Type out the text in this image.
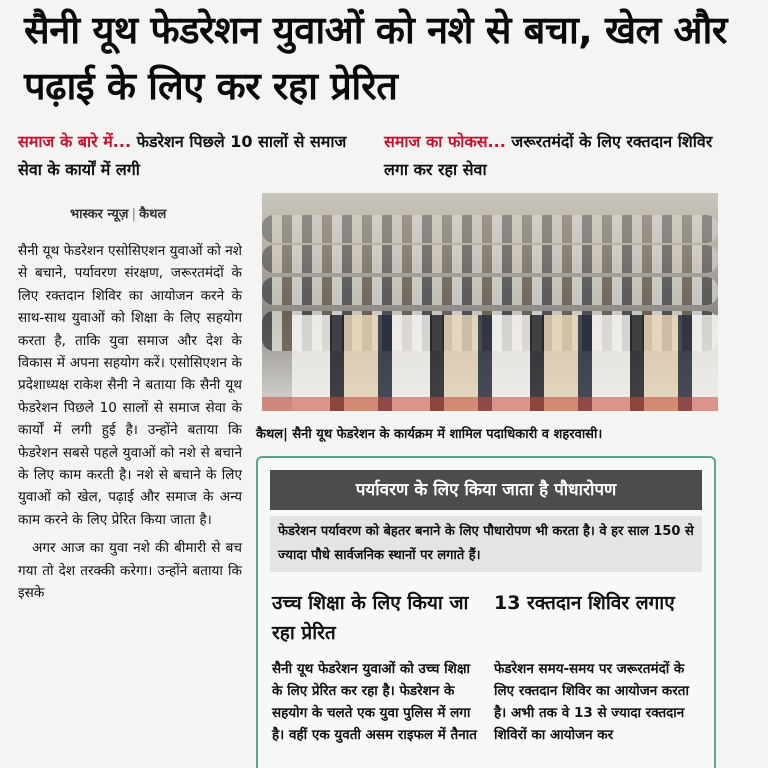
सैनी यूथ फेडरेशन युवाओं को नशे से बचा, खेल और पढ़ाई के लिए कर रहा प्रेरित
समाज के बारे में... फेडरेशन पिछले 10 सालों से समाज सेवा के कार्यों में लगी
समाज का फोकस... जरूरतमंदों के लिए रक्तदान शिविर लगा कर रहा सेवा
भास्कर न्यूज़ | कैथल
कैथल| सैनी यूथ फेडरेशन के कार्यक्रम में शामिल पदाधिकारी व शहरवासी।

सैनी यूथ फेडरेशन एसोसिएशन युवाओं को नशे से बचाने, पर्यावरण संरक्षण, जरूरतमंदों के लिए रक्तदान शिविर का आयोजन करने के साथ-साथ युवाओं को शिक्षा के लिए सहयोग करता है, ताकि युवा समाज और देश के विकास में अपना सहयोग करें। एसोसिएशन के प्रदेशाध्यक्ष राकेश सैनी ने बताया कि सैनी यूथ फेडरेशन पिछले 10 सालों से समाज सेवा के कार्यों में लगी हुई है। उन्होंने बताया कि फेडरेशन सबसे पहले युवाओं को नशे से बचाने के लिए काम करती है। नशे से बचाने के लिए युवाओं को खेल, पढ़ाई और समाज के अन्य काम करने के लिए प्रेरित किया जाता है।

अगर आज का युवा नशे की बीमारी से बच गया तो देश तरक्की करेगा। उन्होंने बताया कि इसके

पर्यावरण के लिए किया जाता है पौधारोपण
फेडरेशन पर्यावरण को बेहतर बनाने के लिए पौधारोपण भी करता है। वे हर साल 150 से ज्यादा पौधे सार्वजनिक स्थानों पर लगाते हैं।
उच्च शिक्षा के लिए किया जा रहा प्रेरित
13 रक्तदान शिविर लगाए
सैनी यूथ फेडरेशन युवाओं को उच्च शिक्षा के लिए प्रेरित कर रहा है। फेडरेशन के सहयोग के चलते एक युवा पुलिस में लगा है। वहीं एक युवती असम राइफल में तैनात
फेडरेशन समय-समय पर जरूरतमंदों के लिए रक्तदान शिविर का आयोजन करता है। अभी तक वे 13 से ज्यादा रक्तदान शिविरों का आयोजन कर
